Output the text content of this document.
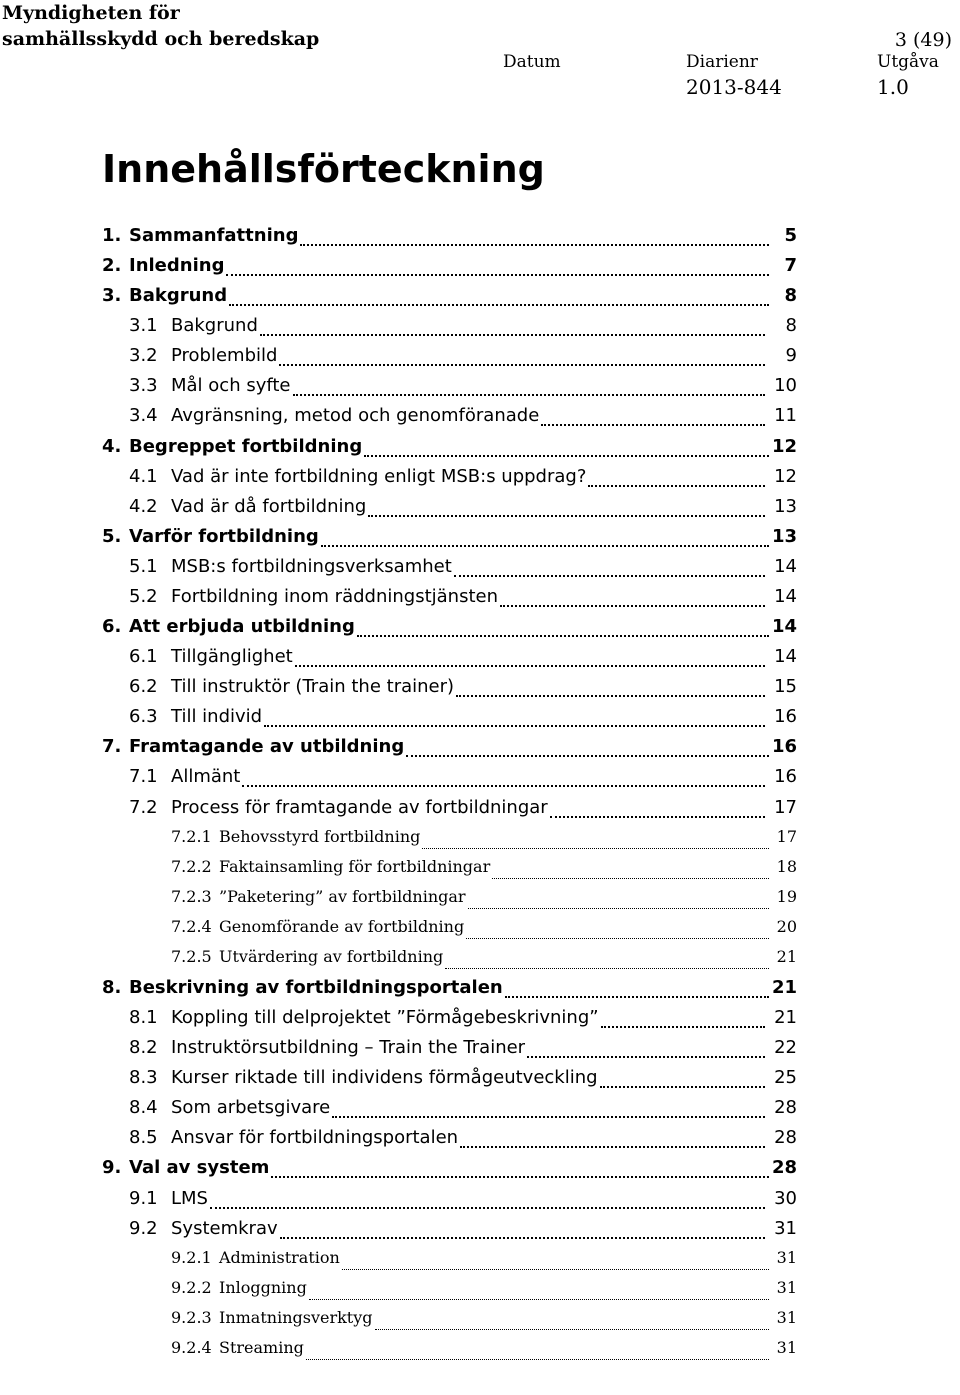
Myndigheten för
samhällsskydd och beredskap	3 (49)
Datum	Diarienr	Utgåva
2013-844	1.0
Innehållsförteckning
1. Sammanfattning	5
2. Inledning	7
3. Bakgrund	8
3.1 Bakgrund	8
3.2 Problembild	9
3.3 Mål och syfte	10
3.4 Avgränsning, metod och genomföranade	11
4. Begreppet fortbildning	12
4.1 Vad är inte fortbildning enligt MSB:s uppdrag?	12
4.2 Vad är då fortbildning	13
5. Varför fortbildning	13
5.1 MSB:s fortbildningsverksamhet	14
5.2 Fortbildning inom räddningstjänsten	14
6. Att erbjuda utbildning	14
6.1 Tillgänglighet	14
6.2 Till instruktör (Train the trainer)	15
6.3 Till individ	16
7. Framtagande av utbildning	16
7.1 Allmänt	16
7.2 Process för framtagande av fortbildningar	17
7.2.1 Behovsstyrd fortbildning	17
7.2.2 Faktainsamling för fortbildningar	18
7.2.3 ”Paketering” av fortbildningar	19
7.2.4 Genomförande av fortbildning	20
7.2.5 Utvärdering av fortbildning	21
8. Beskrivning av fortbildningsportalen	21
8.1 Koppling till delprojektet ”Förmågebeskrivning”	21
8.2 Instruktörsutbildning – Train the Trainer	22
8.3 Kurser riktade till individens förmågeutveckling	25
8.4 Som arbetsgivare	28
8.5 Ansvar för fortbildningsportalen	28
9. Val av system	28
9.1 LMS	30
9.2 Systemkrav	31
9.2.1 Administration	31
9.2.2 Inloggning	31
9.2.3 Inmatningsverktyg	31
9.2.4 Streaming	31
